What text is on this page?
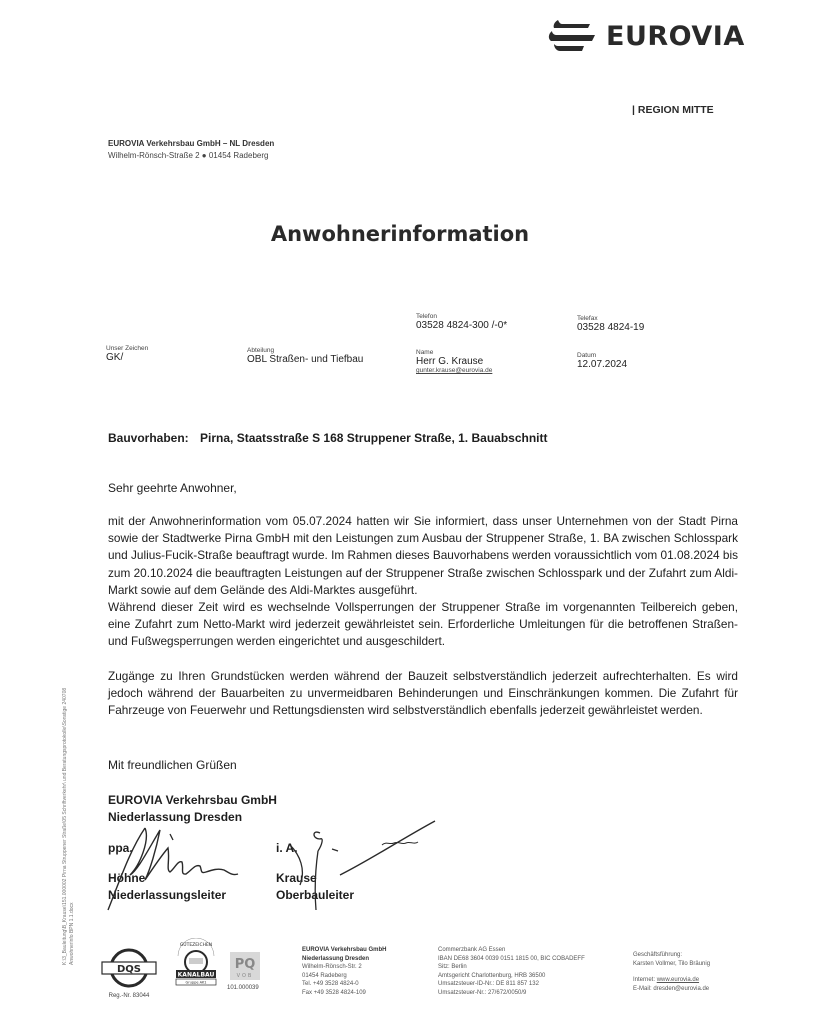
EUROVIA
| REGION MITTE
EUROVIA Verkehrsbau GmbH – NL Dresden
Wilhelm-Rönsch-Straße 2 ● 01454 Radeberg
Anwohnerinformation
Telefon
03528 4824-300 /-0*
Telefax
03528 4824-19
Unser Zeichen
GK/
Abteilung
OBL Straßen- und Tiefbau
Name
Herr G. Krause
gunter.krause@eurovia.de
Datum
12.07.2024
Bauvorhaben: Pirna, Staatsstraße S 168 Struppener Straße, 1. Bauabschnitt
Sehr geehrte Anwohner,

mit der Anwohnerinformation vom 05.07.2024 hatten wir Sie informiert, dass unser Unternehmen von der Stadt Pirna sowie der Stadtwerke Pirna GmbH mit den Leistungen zum Ausbau der Struppener Straße, 1. BA zwischen Schlosspark und Julius-Fucik-Straße beauftragt wurde. Im Rahmen dieses Bauvorhabens werden voraussichtlich vom 01.08.2024 bis zum 20.10.2024 die beauftragten Leistungen auf der Struppener Straße zwischen Schlosspark und der Zufahrt zum Aldi-Markt sowie auf dem Gelände des Aldi-Marktes ausgeführt.

Während dieser Zeit wird es wechselnde Vollsperrungen der Struppener Straße im vorgenannten Teilbereich geben, eine Zufahrt zum Netto-Markt wird jederzeit gewährleistet sein. Erforderliche Umleitungen für die betroffenen Straßen- und Fußwegsperrungen werden eingerichtet und ausgeschildert.

Zugänge zu Ihren Grundstücken werden während der Bauzeit selbstverständlich jederzeit aufrechterhalten. Es wird jedoch während der Bauarbeiten zu unvermeidbaren Behinderungen und Einschränkungen kommen. Die Zufahrt für Fahrzeuge von Feuerwehr und Rettungsdiensten wird selbstverständlich ebenfalls jederzeit gewährleistet werden.

Mit freundlichen Grüßen
EUROVIA Verkehrsbau GmbH
Niederlassung Dresden
ppa.
Höhne
Niederlassungsleiter
i. A.
Krause
Oberbauleiter
K:\3_Bauleitung\B_Krause\151.000002 Pirna Struppener Straße\05 Schriftverkehr\ und Beratungsprotokolle\Sonstige 240708 Anwohnerinfo BPN 1.1.docx
DQS
Reg.-Nr. 83044
GÜTEZEICHEN
KANALBAU
Gruppe AK1
PQ
VOB
101.000039
EUROVIA Verkehrsbau GmbH
Niederlassung Dresden
Wilhelm-Rönsch-Str. 2
01454 Radeberg
Tel. +49 3528 4824-0
Fax +49 3528 4824-109
Commerzbank AG Essen
IBAN DE68 3604 0039 0151 1815 00, BIC COBADEFF
Sitz: Berlin
Amtsgericht Charlottenburg, HRB 36500
Umsatzsteuer-ID-Nr.: DE 811 857 132
Umsatzsteuer-Nr.: 27/672/0050/9
Geschäftsführung:
Karsten Vollmer, Tilo Bräunig
Internet: www.eurovia.de
E-Mail: dresden@eurovia.de
